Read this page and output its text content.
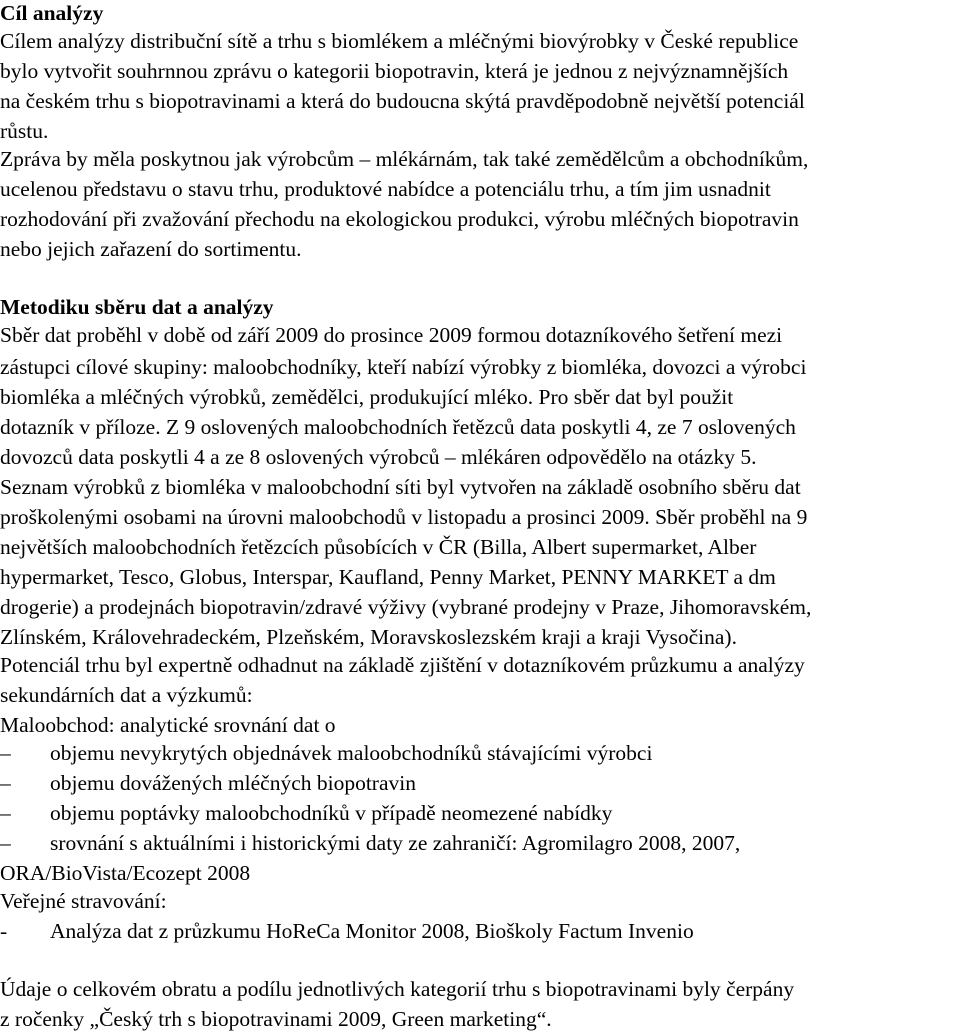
Cíl analýzy

Cílem analýzy distribuční sítě a trhu s biomlékem a mléčnými biovýrobky v České republice

bylo vytvořit souhrnnou zprávu o kategorii biopotravin, která je jednou z nejvýznamnějších

na českém trhu s biopotravinami a která do budoucna skýtá pravděpodobně největší potenciál

růstu.

Zpráva by měla poskytnou jak výrobcům – mlékárnám, tak také zemědělcům a obchodníkům,

ucelenou představu o stavu trhu, produktové nabídce a potenciálu trhu, a tím jim usnadnit

rozhodování při zvažování přechodu na ekologickou produkci, výrobu mléčných biopotravin

nebo jejich zařazení do sortimentu.

Metodiku sběru dat a analýzy

Sběr dat proběhl v době od září 2009 do prosince 2009 formou dotazníkového šetření mezi

zástupci cílové skupiny: maloobchodníky, kteří nabízí výrobky z biomléka, dovozci a výrobci

biomléka a mléčných výrobků, zemědělci, produkující mléko. Pro sběr dat byl použit

dotazník v příloze. Z 9 oslovených maloobchodních řetězců data poskytli 4, ze 7 oslovených

dovozců data poskytli 4 a ze 8 oslovených výrobců – mlékáren odpovědělo na otázky 5.

Seznam výrobků z biomléka v maloobchodní síti byl vytvořen na základě osobního sběru dat

proškolenými osobami na úrovni maloobchodů v listopadu a prosinci 2009. Sběr proběhl na 9

největších maloobchodních řetězcích působících v ČR (Billa, Albert supermarket, Alber

hypermarket, Tesco, Globus, Interspar, Kaufland, Penny Market, PENNY MARKET a dm

drogerie) a prodejnách biopotravin/zdravé výživy (vybrané prodejny v Praze, Jihomoravském,

Zlínském, Královehradeckém, Plzeňském, Moravskoslezském kraji a kraji Vysočina).

Potenciál trhu byl expertně odhadnut na základě zjištění v dotazníkovém průzkumu a analýzy

sekundárních dat a výzkumů:

Maloobchod: analytické srovnání dat o

– objemu nevykrytých objednávek maloobchodníků stávajícími výrobci
– objemu dovážených mléčných biopotravin
– objemu poptávky maloobchodníků v případě neomezené nabídky
– srovnání s aktuálními i historickými daty ze zahraničí: Agromilagro 2008, 2007,

ORA/BioVista/Ecozept 2008

Veřejné stravování:

- Analýza dat z průzkumu HoReCa Monitor 2008, Bioškoly Factum Invenio

Údaje o celkovém obratu a podílu jednotlivých kategorií trhu s biopotravinami byly čerpány

z ročenky „Český trh s biopotravinami 2009, Green marketing“.
